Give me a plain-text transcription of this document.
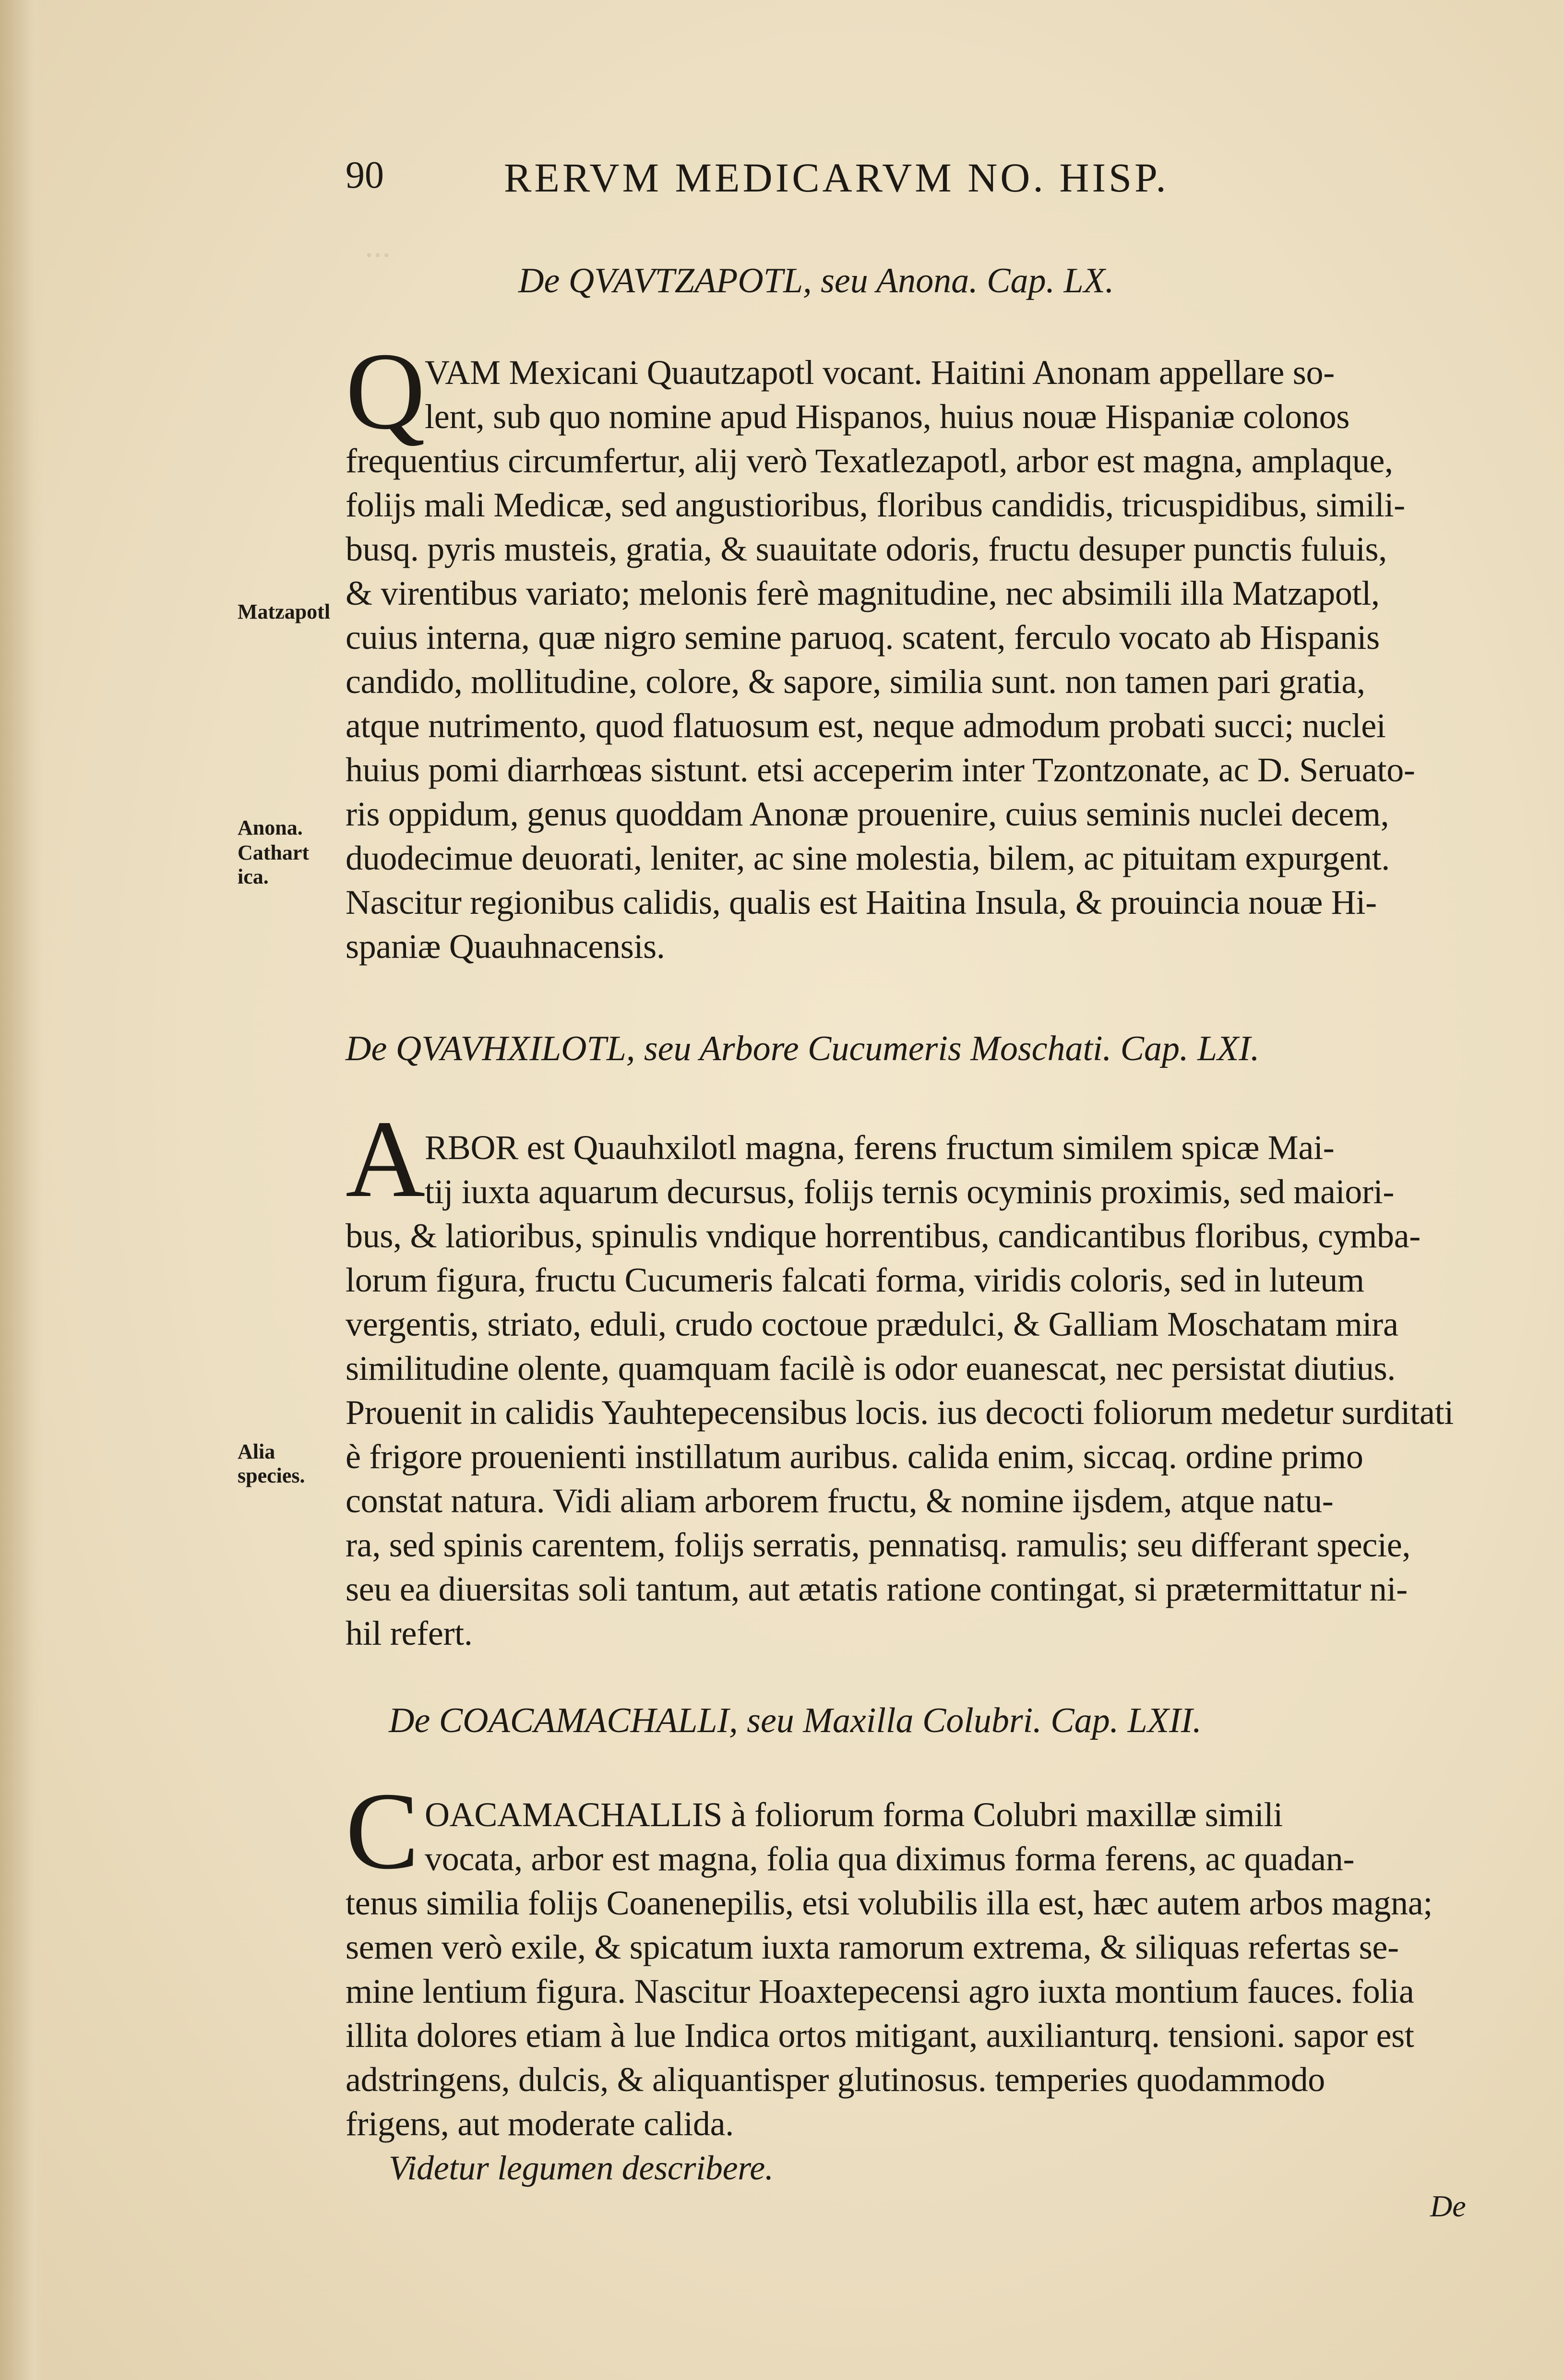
...
90	RERVM MEDICARVM NO. HISP.
De QVAVTZAPOTL, seu Anona. Cap. LX.
Q
VAM Mexicani Quautzapotl vocant. Haitini Anonam appellare so-
lent, sub quo nomine apud Hispanos, huius nouæ Hispaniæ colonos
frequentius circumfertur, alij verò Texatlezapotl, arbor est magna, amplaque,
folijs mali Medicæ, sed angustioribus, floribus candidis, tricuspidibus, simili-
busq. pyris musteis, gratia, & suauitate odoris, fructu desuper punctis fuluis,
& virentibus variato; melonis ferè magnitudine, nec absimili illa Matzapotl,
cuius interna, quæ nigro semine paruoq. scatent, ferculo vocato ab Hispanis
candido, mollitudine, colore, & sapore, similia sunt. non tamen pari gratia,
atque nutrimento, quod flatuosum est, neque admodum probati succi; nuclei
huius pomi diarrhœas sistunt. etsi acceperim inter Tzontzonate, ac D. Seruato-
ris oppidum, genus quoddam Anonæ prouenire, cuius seminis nuclei decem,
duodecimue deuorati, leniter, ac sine molestia, bilem, ac pituitam expurgent.
Nascitur regionibus calidis, qualis est Haitina Insula, & prouincia nouæ Hi-
spaniæ Quauhnacensis.
Matzapotl
Anona.
Cathartica.
De QVAVHXILOTL, seu Arbore Cucumeris Moschati. Cap. LXI.
A
RBOR est Quauhxilotl magna, ferens fructum similem spicæ Mai-
tij iuxta aquarum decursus, folijs ternis ocyminis proximis, sed maiori-
bus, & latioribus, spinulis vndique horrentibus, candicantibus floribus, cymba-
lorum figura, fructu Cucumeris falcati forma, viridis coloris, sed in luteum
vergentis, striato, eduli, crudo coctoue prædulci, & Galliam Moschatam mira
similitudine olente, quamquam facilè is odor euanescat, nec persistat diutius.
Prouenit in calidis Yauhtepecensibus locis. ius decocti foliorum medetur surditati
è frigore prouenienti instillatum auribus. calida enim, siccaq. ordine primo
constat natura. Vidi aliam arborem fructu, & nomine ijsdem, atque natu-
ra, sed spinis carentem, folijs serratis, pennatisq. ramulis; seu differant specie,
seu ea diuersitas soli tantum, aut ætatis ratione contingat, si prætermittatur ni-
hil refert.
Alia species.
De COACAMACHALLI, seu Maxilla Colubri. Cap. LXII.
C OACAMACHALLIS à foliorum forma Colubri maxillæ simili
vocata, arbor est magna, folia qua diximus forma ferens, ac quadan-
tenus similia folijs Coanenepilis, etsi volubilis illa est, hæc autem arbos magna;
semen verò exile, & spicatum iuxta ramorum extrema, & siliquas refertas se-
mine lentium figura. Nascitur Hoaxtepecensi agro iuxta montium fauces. folia
illita dolores etiam à lue Indica ortos mitigant, auxilianturq. tensioni. sapor est
adstringens, dulcis, & aliquantisper glutinosus. temperies quodammodo
frigens, aut moderate calida.
Videtur legumen describere.
De
